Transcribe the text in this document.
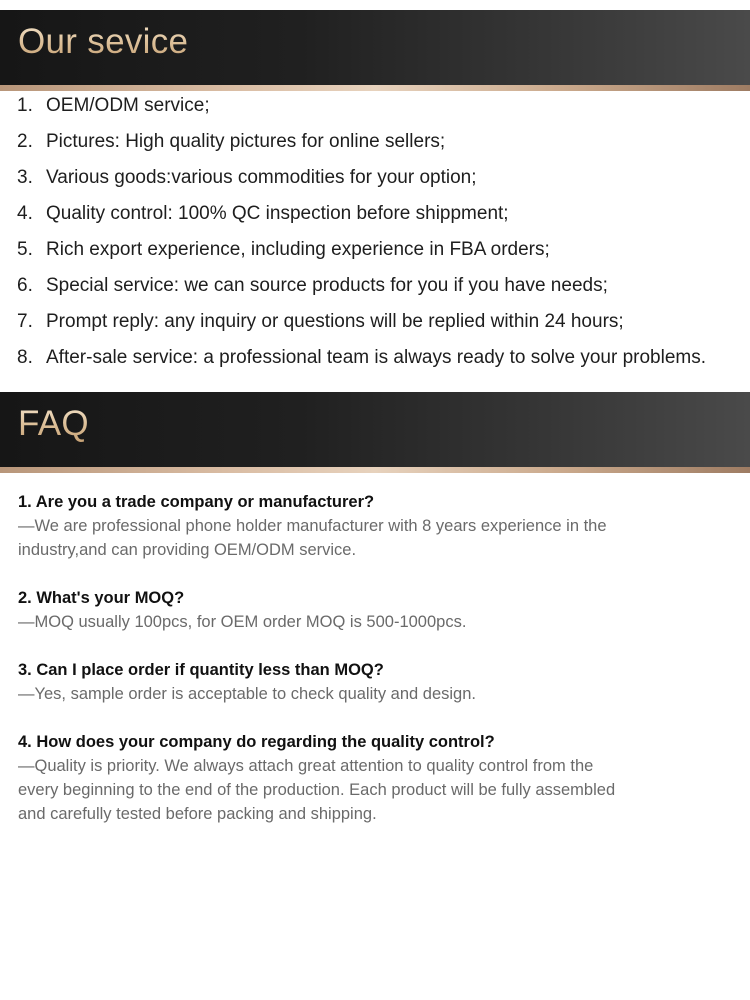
Our sevice
1. OEM/ODM service;
2. Pictures: High quality pictures for online sellers;
3. Various goods:various commodities for your option;
4. Quality control: 100% QC inspection before shippment;
5. Rich export experience, including experience in FBA orders;
6. Special service: we can source products for you if you have needs;
7. Prompt reply: any inquiry or questions will be replied within 24 hours;
8. After-sale service: a professional team is always ready to solve your problems.
FAQ
1. Are you a trade company or manufacturer?
—We are professional phone holder manufacturer with 8 years experience in the
industry,and can providing OEM/ODM service.
2. What's your MOQ?
—MOQ usually 100pcs, for OEM order MOQ is 500-1000pcs.
3. Can I place order if quantity less than MOQ?
—Yes, sample order is acceptable to check quality and design.
4. How does your company do regarding the quality control?
—Quality is priority. We always attach great attention to quality control from the
every beginning to the end of the production. Each product will be fully assembled
and carefully tested before packing and shipping.
